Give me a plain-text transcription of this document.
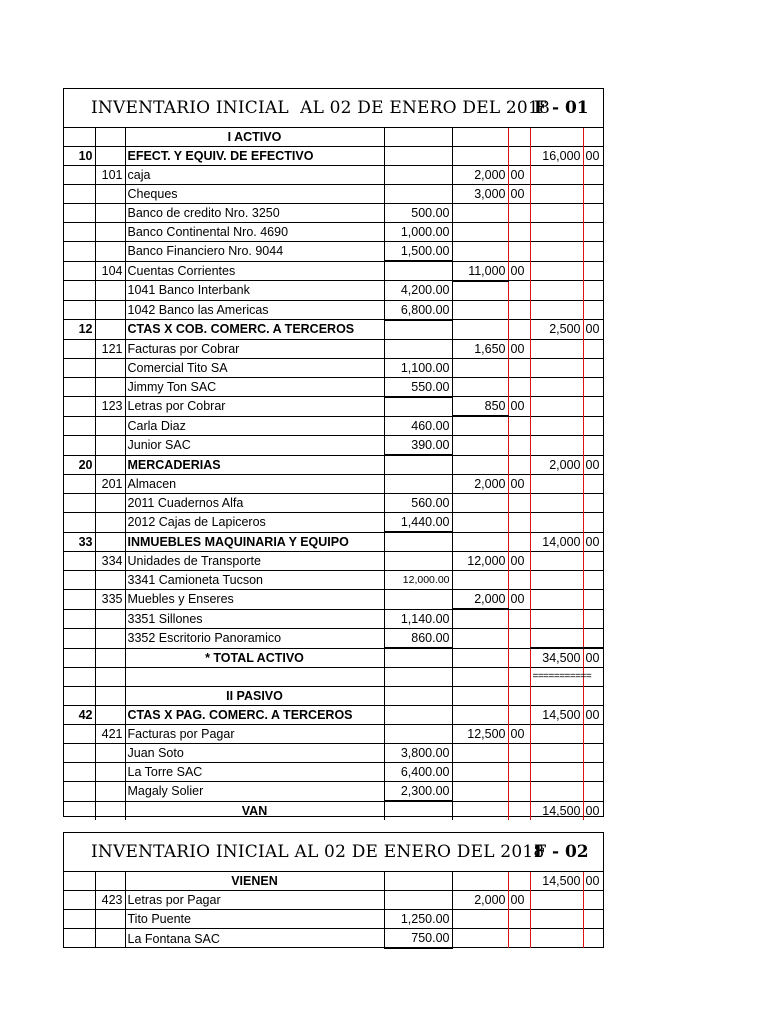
INVENTARIO INICIAL  AL 02 DE ENERO DEL 2018
F - 01
		I ACTIVO					
10		EFECT. Y EQUIV. DE EFECTIVO				16,000	00
	101	caja		2,000	00		
		Cheques		3,000	00		
		Banco de credito Nro. 3250	500.00				
		Banco Continental Nro. 4690	1,000.00				
		Banco Financiero Nro. 9044	1,500.00				
	104	Cuentas Corrientes		11,000	00		
		1041 Banco Interbank	4,200.00				
		1042 Banco las Americas	6,800.00				
12		CTAS X COB. COMERC. A TERCEROS				2,500	00
	121	Facturas por Cobrar		1,650	00		
		Comercial Tito SA	1,100.00				
		Jimmy Ton SAC	550.00				
	123	Letras por Cobrar		850	00		
		Carla Diaz	460.00				
		Junior SAC	390.00				
20		MERCADERIAS				2,000	00
	201	Almacen		2,000	00		
		2011 Cuadernos Alfa	560.00				
		2012 Cajas de Lapiceros	1,440.00				
33		INMUEBLES MAQUINARIA Y EQUIPO				14,000	00
	334	Unidades de Transporte		12,000	00		
		3341 Camioneta Tucson	12,000.00				
	335	Muebles y Enseres		2,000	00		
		3351 Sillones	1,140.00				
		3352 Escritorio Panoramico	860.00				
		* TOTAL ACTIVO				34,500	00
						===========	
		II PASIVO					
42		CTAS X PAG. COMERC. A TERCEROS				14,500	00
	421	Facturas por Pagar		12,500	00		
		Juan Soto	3,800.00				
		La Torre SAC	6,400.00				
		Magaly Solier	2,300.00				
		VAN				14,500	00
INVENTARIO INICIAL AL 02 DE ENERO DEL 2018
F - 02
		VIENEN				14,500	00
	423	Letras por Pagar		2,000	00		
		Tito Puente	1,250.00				
		La Fontana SAC	750.00				
